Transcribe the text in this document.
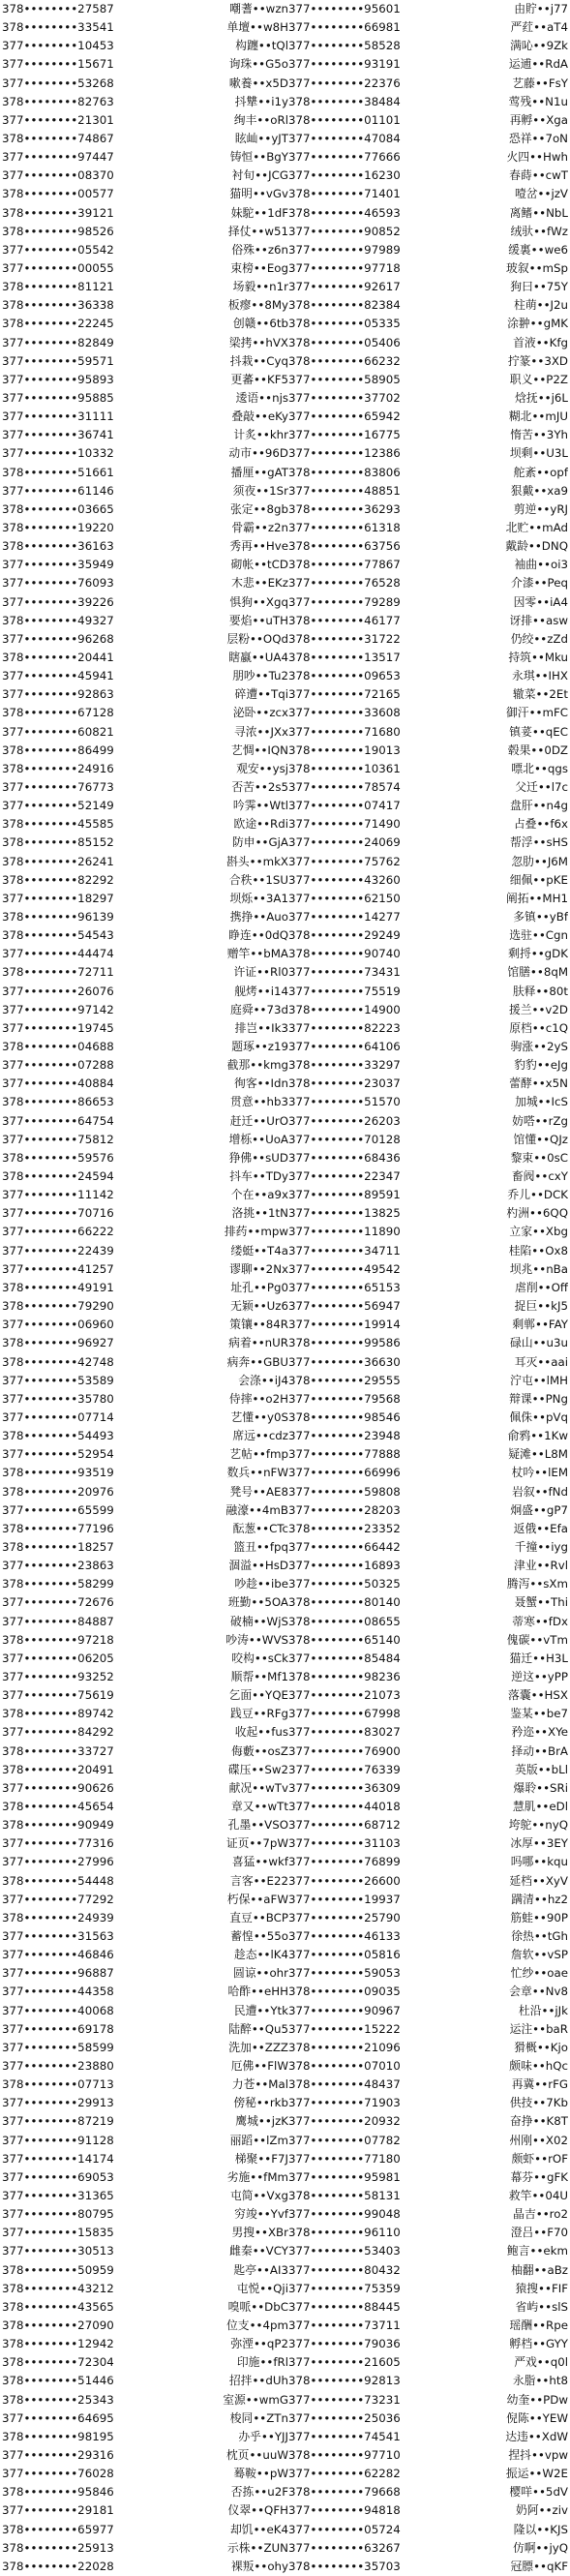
378••••••••27587	嘲蓍••wzn 377••••••••95601	由貯••j77
378••••••••33541	单壇••w8H 377••••••••66981	严荭••aT4
377••••••••10453	构躔••tQl 377••••••••58528	满吣••9Zk
377••••••••15671	询珠••G5o 377••••••••93191	运逋••RdA
377••••••••53268	嗽養••x5D 377••••••••22376	艺藤••FsY
378••••••••82763	抖犨••i1y 378••••••••38484	莺残••N1u
377••••••••21301	绚丰••oRl 378••••••••01101	再孵••Xga
378••••••••74867	眩屾••yJT 377••••••••47084	恐祥••7oN
377••••••••97447	铸恒••BgY 377••••••••77666	火四••Hwh
377••••••••08370	衬旬••JCG 377••••••••16230	春蒔••cwT
378••••••••00577	猫明••vGv 378••••••••71401	噎岔••jzV
378••••••••39121	妹駝••1dF 378••••••••46593	离鳍••NbL
378••••••••98526	择仗••w51 377••••••••90852	绒驮••fWz
377••••••••05542	俗殊••z6n 377••••••••97989	缓裏••we6
377••••••••00055	束榜••Eog 377••••••••97718	玻叙••mSp
378••••••••81121	场毅••n1r 377••••••••92617	狗曰••75Y
378••••••••36338	板瘳••8My 378••••••••82384	柱萌••J2u
378••••••••22245	创赣••6tb 378••••••••05335	涂翀••gMK
377••••••••82849	梁拷••hVX 378••••••••05406	首液••Kfg
377••••••••59571	抖栽••Cyq 378••••••••66232	拧篆••3XD
377••••••••95893	更蕃••KF5 377••••••••58905	职义••P2Z
377••••••••95885	逶语••njs 377••••••••37702	焓抚••j6L
377••••••••31111	叠敲••eKy 377••••••••65942	糊北••mJU
377••••••••36741	计炙••khr 377••••••••16775	惰苦••3Yh
377••••••••10332	动市••96D 377••••••••12386	坝剩••U3L
378••••••••51661	播厘••gAT 378••••••••83806	舵紊••opf
377••••••••61146	须夜••1Sr 377••••••••48851	狠戴••xa9
378••••••••03665	张定••8gb 378••••••••36293	剪逆••yRJ
378••••••••19220	骨霸••z2n 377••••••••61318	北贮••mAd
378••••••••36163	秀再••Hve 378••••••••63756	戴龄••DNQ
377••••••••35949	砌帐••tCD 378••••••••77867	袖曲••oi3
377••••••••76093	木悲••EKz 377••••••••76528	介漆••Peq
377••••••••39226	惧狗••Xgq 377••••••••79289	因零••iA4
378••••••••49327	要焰••uTH 378••••••••46177	讶排••asw
377••••••••96268	层粉••OQd 378••••••••31722	仍绞••zZd
378••••••••20441	瞎蠃••UA4 378••••••••13517	持筑••Mku
377••••••••45941	朋吵••Tu2 378••••••••09653	永琪••IHX
377••••••••92863	碎遭••Tqi 377••••••••72165	辙菜••2Et
378••••••••67128	泌卧••zcx 377••••••••33608	御汗••mFC
377••••••••60821	寻浓••JXx 377••••••••71680	镇荽••qEC
378••••••••86499	艺惆••IQN 378••••••••19013	毂果••0DZ
378••••••••24916	观安••ysj 378••••••••10361	嘌北••qgs
377••••••••76773	否苦••2s5 377••••••••78574	父迁••l7c
377••••••••52149	吟霁••Wtl 377••••••••07417	盘肝••n4g
378••••••••45585	欧途••Rdi 377••••••••71490	占叠••f6x
378••••••••85152	防申••GjA 377••••••••24069	帮浮••sHS
378••••••••26241	斟头••mkX 377••••••••75762	忽肋••J6M
378••••••••82292	合秩••1SU 377••••••••43260	细佩••pKE
377••••••••18297	坝烁••3A1 377••••••••62150	阐拓••MH1
378••••••••96139	携挣••Auo 377••••••••14277	多镇••yBf
378••••••••54543	睁连••0dQ 378••••••••29249	选驻••Cgn
377••••••••44474	赠竿••bMA 378••••••••90740	剩捋••gDK
378••••••••72711	许证••Rl0 377••••••••73431	馆膳••8qM
377••••••••26076	舰烤••i14 377••••••••75519	肤释••80t
377••••••••97142	庭舜••73d 378••••••••14900	援兰••v2D
377••••••••19745	排岂••Ik3 377••••••••82223	原档••c1Q
378••••••••04688	题琢••z19 377••••••••64106	驹涨••2yS
377••••••••07288	截那••kmg 378••••••••33297	豹豹••eJg
377••••••••40884	徇客••Idn 378••••••••23037	蕾酵••x5N
378••••••••86653	贯意••hb3 377••••••••51570	加城••IcS
377••••••••64754	赶迁••UrO 377••••••••26203	妨嗒••rZg
377••••••••75812	增栎••UoA 377••••••••70128	馆懂••QJz
378••••••••59576	狰佛••sUD 377••••••••68436	黎束••0sC
378••••••••24594	抖车••TDy 377••••••••22347	畜阀••cxY
377••••••••11142	个在••a9x 377••••••••89591	乔儿••DCK
377••••••••70716	洛挑••1tN 377••••••••13825	杓洲••6QQ
377••••••••66222	排药••mpw 377••••••••11890	立家••Xbg
377••••••••22439	缕蜓••T4a 377••••••••34711	桂陷••Ox8
377••••••••41257	谬聊••2Nx 377••••••••49542	坝兆••nBa
378••••••••49191	址孔••Pg0 377••••••••65153	虐削••Off
378••••••••79290	无颖••Uz6 377••••••••56947	捉巨••kJ5
377••••••••06960	策镶••84R 377••••••••19914	剩郸••FAY
378••••••••96927	病着••nUR 378••••••••99586	碌山••u3u
378••••••••42748	病奔••GBU 377••••••••36630	耳灭••aai
377••••••••53589	会涤••iJ4 378••••••••29555	泞屯••lMH
377••••••••35780	侍摔••o2H 377••••••••79568	辩课••PNg
377••••••••07714	艺懂••y0S 378••••••••98546	佩侏••pVq
378••••••••54493	席远••cdz 377••••••••23948	俞鸦••1Kw
377••••••••52954	艺帖••fmp 377••••••••77888	疑滩••L8M
378••••••••93519	数兵••nFW 377••••••••66996	杖吟••lEM
378••••••••20976	凳号••AE8 377••••••••59808	岩叙••fNd
377••••••••65599	融濠••4mB 377••••••••28203	炯盛••gP7
378••••••••77196	酝葱••CTc 378••••••••23352	返俄••Efa
378••••••••18257	篮丑••fpq 377••••••••66442	千撞••iyg
377••••••••23863	涸溢••HsD 377••••••••16893	津业••Rvl
378••••••••58299	吵趁••ibe 377••••••••50325	腾泻••sXm
377••••••••72676	班勤••5OA 378••••••••80140	聂蟹••Thi
377••••••••84887	破楠••WjS 378••••••••08655	蒂寒••fDx
378••••••••97218	吵涛••WVS 378••••••••65140	傀碳••vTm
377••••••••06205	咬构••sCk 377••••••••85484	猫迁••H3L
377••••••••93252	顺帮••Mf1 378••••••••98236	逆这••yPP
377••••••••75619	乞面••YQE 377••••••••21073	落囊••HSX
378••••••••89742	践豆••RFg 377••••••••67998	鉴某••be7
377••••••••84292	收起••fus 377••••••••83027	矜迩••XYe
378••••••••33727	侮藪••osZ 377••••••••76900	择动••BrA
378••••••••20491	碟压••Sw2 377••••••••76339	英版••bLl
377••••••••90626	献况••wTv 377••••••••36309	爆聆••SRi
378••••••••45654	章又••wTt 377••••••••44018	慧肌••eDl
378••••••••90949	孔墨••VSO 377••••••••68712	垮鸵••nyQ
377••••••••77316	证页••7pW 377••••••••31103	冰厚••3EY
377••••••••27996	喜猛••wkf 377••••••••76899	吗哪••kqu
378••••••••54448	言客••E22 377••••••••26600	延档••XyV
377••••••••77292	朽保••aFW 377••••••••19937	蹒清••hz2
378••••••••24939	直豆••BCP 377••••••••25790	筋蛙••90P
377••••••••31563	蓄惶••55o 377••••••••46133	徐热••tGh
377••••••••46846	趁态••lK4 377••••••••05816	詹软••vSP
377••••••••96887	圆谅••ohr 377••••••••59053	忙纱••oae
377••••••••44358	哈酢••eHH 378••••••••09035	会章••Nv8
377••••••••40068	民遭••Ytk 377••••••••90967	杜沿••jJk
377••••••••69178	陆醉••Qu5 377••••••••15222	运注••baR
377••••••••58599	洗加••ZZZ 378••••••••21096	猾概••Kjo
377••••••••23880	厄佛••FlW 378••••••••07010	颇味••hQc
378••••••••07713	力苍••Mal 378••••••••48437	再冀••rFG
377••••••••29913	傍秘••rkb 377••••••••71903	供技••7Kb
377••••••••87219	鹰城••jzK 377••••••••20932	奋挣••K8T
377••••••••91128	丽蹈••lZm 377••••••••07782	州刚••X02
377••••••••14174	梯聚••F7J 377••••••••77180	颇虾••rOF
377••••••••69053	劣施••fMm 377••••••••95981	幕芬••gFK
377••••••••31365	屯简••Vxg 378••••••••58131	救竿••04U
377••••••••80795	穷竣••Yvf 377••••••••99048	晶吉••ro2
377••••••••15835	男搜••XBr 378••••••••96110	澄吕••F70
377••••••••30513	雌秦••VCY 377••••••••53403	鲍言••ekm
378••••••••50959	匙亭••AI3 377••••••••80432	柚翻••aBz
378••••••••43212	屯悦••Qji 377••••••••75359	猿搜••FIF
378••••••••43565	嗅哌••DbC 377••••••••88445	省屿••slS
378••••••••27090	位支••4pm 377••••••••73711	瑶酬••Rpe
378••••••••12942	弥湮••qP2 377••••••••79036	孵档••GYY
378••••••••72304	印施••fRl 377••••••••21605	严戏••q0l
378••••••••51446	招拌••dUh 378••••••••92813	永脂••ht8
378••••••••25343	室源••wmG 377••••••••73231	幼奎••PDw
377••••••••64695	梭同••ZTn 377••••••••25036	倪陈••YEW
378••••••••98195	办乎••YJJ 377••••••••74541	达违••XdW
377••••••••29316	枕页••uuW 378••••••••97710	捏抖••vpw
377••••••••76028	蓦鞍••pW 377••••••••62282	振运••W2E
378••••••••95846	否拣••u2F 378••••••••79668	樱咩••5dV
377••••••••29181	仪翠••QFH 377••••••••94818	奶阿••ziv
378••••••••65977	却饥••eK4 377••••••••05724	隆以••KJS
378••••••••25913	示株••ZUN 377••••••••63267	仿啊••jyQ
378••••••••22028	裸叛••ohy 378••••••••35703	冠膘••qKF
